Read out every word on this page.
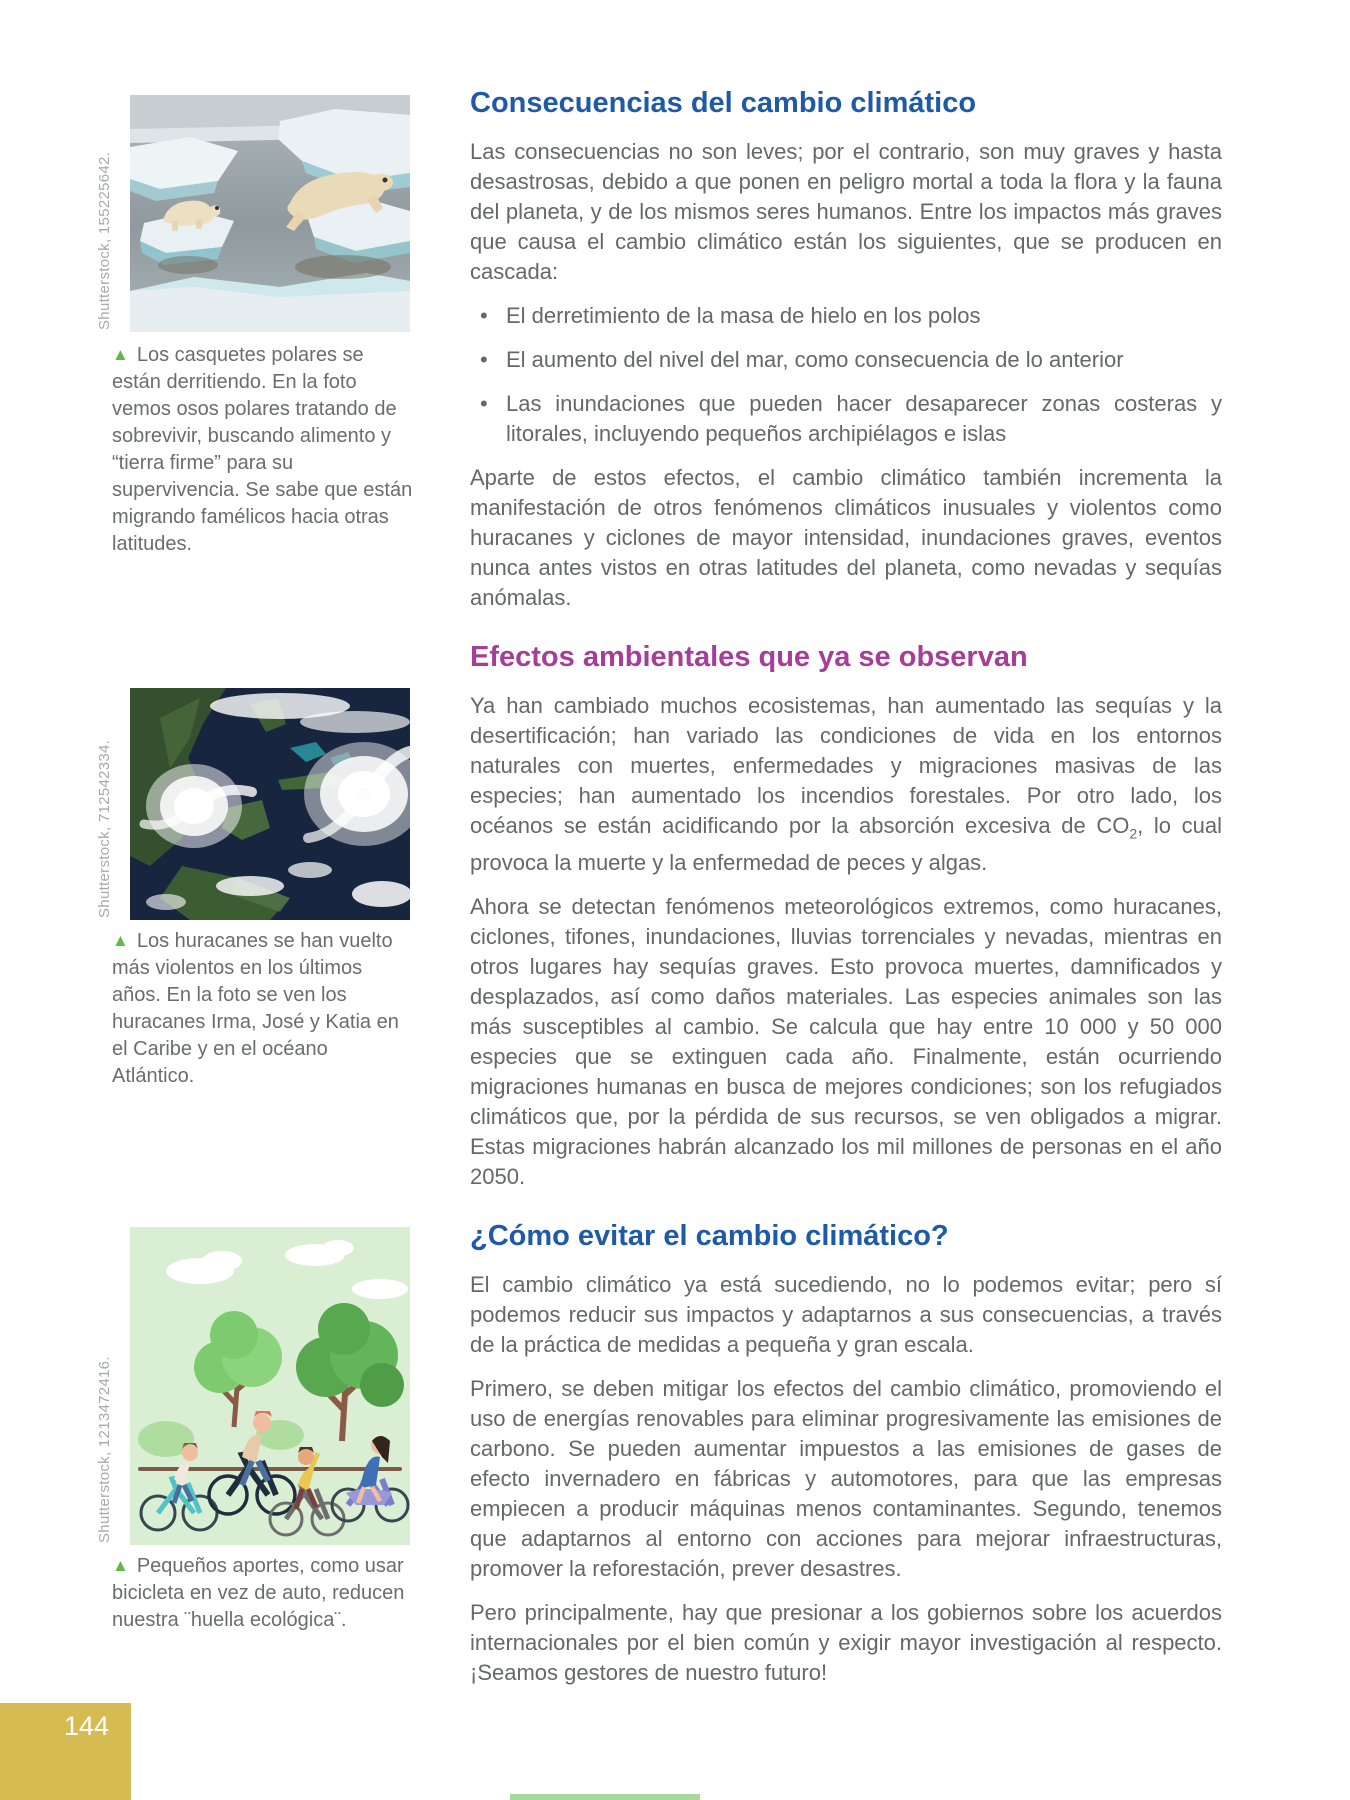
Shutterstock, 155225642.
▲ Los casquetes polares se están derritiendo. En la foto vemos osos polares tratando de sobrevivir, buscando alimento y “tierra firme” para su supervivencia. Se sabe que están migrando famélicos hacia otras latitudes.
Shutterstock, 712542334.
▲ Los huracanes se han vuelto más violentos en los últimos años. En la foto se ven los huracanes Irma, José y Katia en el Caribe y en el océano Atlántico.
Shutterstock, 1213472416.
▲ Pequeños aportes, como usar bicicleta en vez de auto, reducen nuestra ¨huella ecológica¨.
Consecuencias del cambio climático

Las consecuencias no son leves; por el contrario, son muy graves y hasta desastrosas, debido a que ponen en peligro mortal a toda la flora y la fauna del planeta, y de los mismos seres humanos. Entre los impactos más graves que causa el cambio climático están los siguientes, que se producen en cascada:

• El derretimiento de la masa de hielo en los polos
• El aumento del nivel del mar, como consecuencia de lo anterior
• Las inundaciones que pueden hacer desaparecer zonas costeras y litorales, incluyendo pequeños archipiélagos e islas

Aparte de estos efectos, el cambio climático también incrementa la manifestación de otros fenómenos climáticos inusuales y violentos como huracanes y ciclones de mayor intensidad, inundaciones graves, eventos nunca antes vistos en otras latitudes del planeta, como nevadas y sequías anómalas.

Efectos ambientales que ya se observan

Ya han cambiado muchos ecosistemas, han aumentado las sequías y la desertificación; han variado las condiciones de vida en los entornos naturales con muertes, enfermedades y migraciones masivas de las especies; han aumentado los incendios forestales. Por otro lado, los océanos se están acidificando por la absorción excesiva de $CO_2$, lo cual provoca la muerte y la enfermedad de peces y algas.

Ahora se detectan fenómenos meteorológicos extremos, como huracanes, ciclones, tifones, inundaciones, lluvias torrenciales y nevadas, mientras en otros lugares hay sequías graves. Esto provoca muertes, damnificados y desplazados, así como daños materiales. Las especies animales son las más susceptibles al cambio. Se calcula que hay entre 10 000 y 50 000 especies que se extinguen cada año. Finalmente, están ocurriendo migraciones humanas en busca de mejores condiciones; son los refugiados climáticos que, por la pérdida de sus recursos, se ven obligados a migrar. Estas migraciones habrán alcanzado los mil millones de personas en el año 2050.

¿Cómo evitar el cambio climático?

El cambio climático ya está sucediendo, no lo podemos evitar; pero sí podemos reducir sus impactos y adaptarnos a sus consecuencias, a través de la práctica de medidas a pequeña y gran escala.

Primero, se deben mitigar los efectos del cambio climático, promoviendo el uso de energías renovables para eliminar progresivamente las emisiones de carbono. Se pueden aumentar impuestos a las emisiones de gases de efecto invernadero en fábricas y automotores, para que las empresas empiecen a producir máquinas menos contaminantes. Segundo, tenemos que adaptarnos al entorno con acciones para mejorar infraestructuras, promover la reforestación, prever desastres.

Pero principalmente, hay que presionar a los gobiernos sobre los acuerdos internacionales por el bien común y exigir mayor investigación al respecto. ¡Seamos gestores de nuestro futuro!

144
